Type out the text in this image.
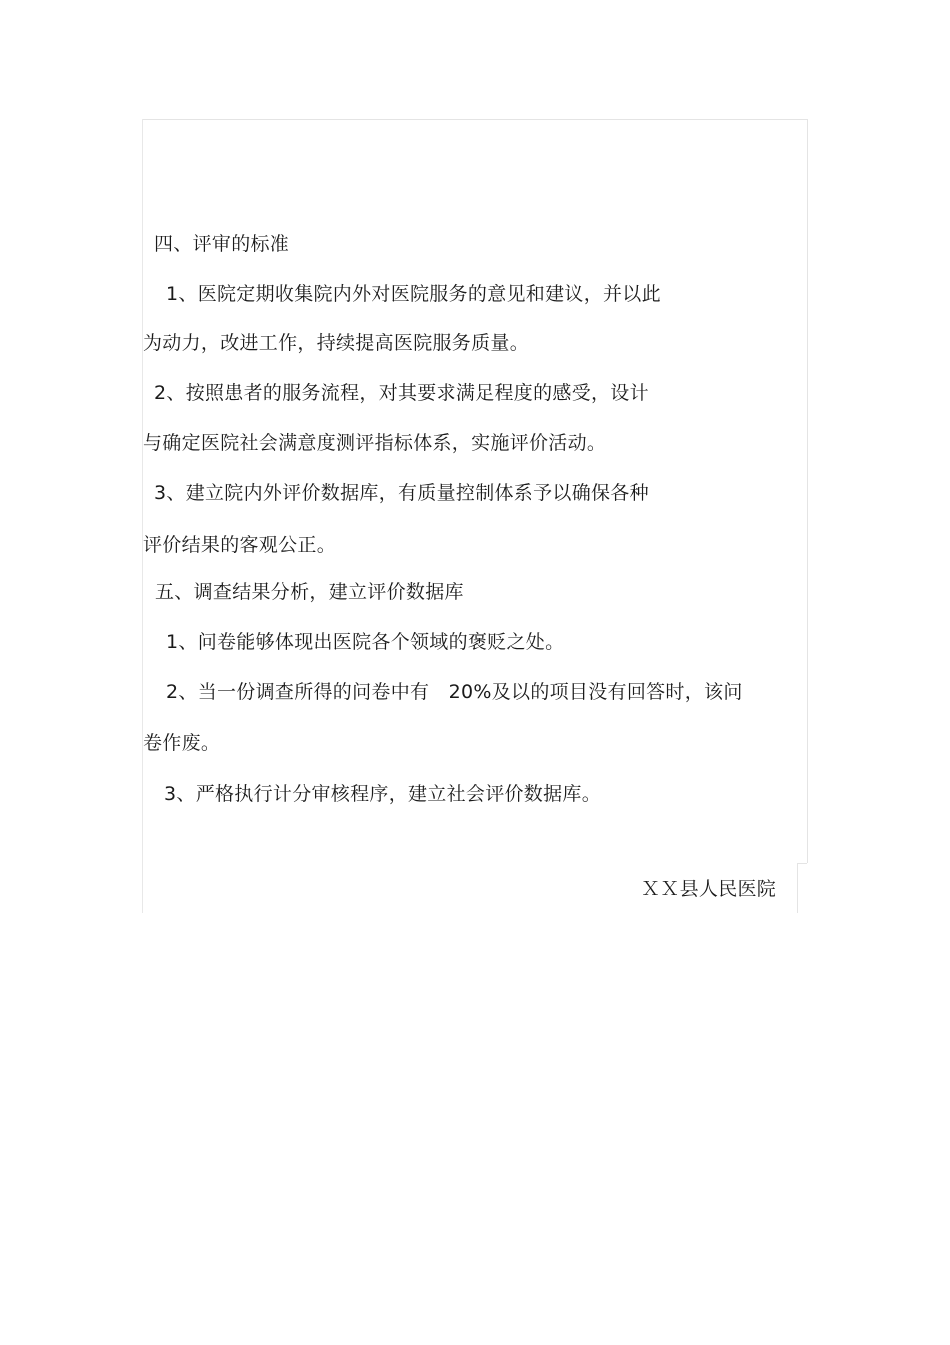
四、评审的标准
1、医院定期收集院内外对医院服务的意见和建议，并以此
为动力，改进工作，持续提高医院服务质量。
2、按照患者的服务流程，对其要求满足程度的感受，设计
与确定医院社会满意度测评指标体系，实施评价活动。
3、建立院内外评价数据库，有质量控制体系予以确保各种
评价结果的客观公正。
五、调查结果分析，建立评价数据库
1、问卷能够体现出医院各个领域的褒贬之处。
2、当一份调查所得的问卷中有　20%及以的项目没有回答时，该问
卷作废。
3、严格执行计分审核程序，建立社会评价数据库。
ＸＸ县人民医院
